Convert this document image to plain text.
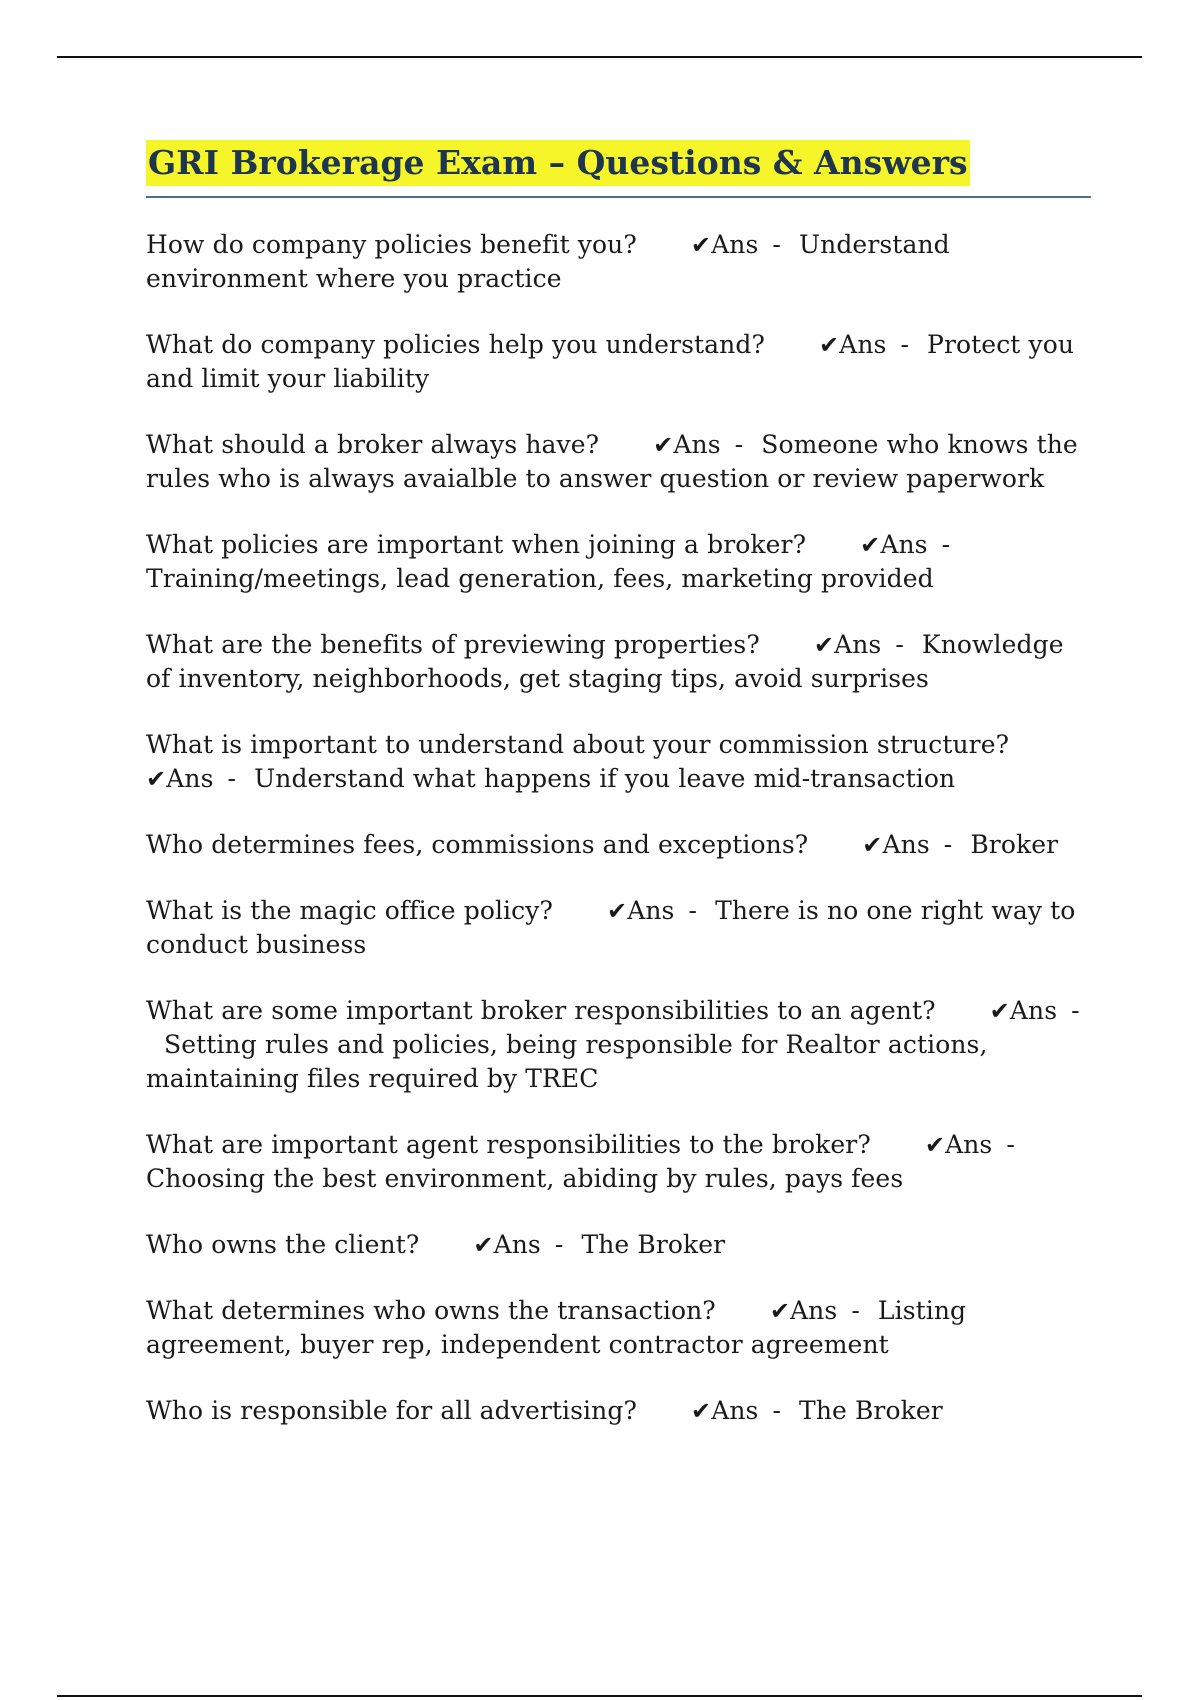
GRI Brokerage Exam – Questions & Answers

How do company policies benefit you? ✔Ans - Understand environment where you practice

What do company policies help you understand? ✔Ans - Protect you and limit your liability

What should a broker always have? ✔Ans - Someone who knows the rules who is always avaialble to answer question or review paperwork

What policies are important when joining a broker? ✔Ans -Training/meetings, lead generation, fees, marketing provided

What are the benefits of previewing properties? ✔Ans - Knowledge of inventory, neighborhoods, get staging tips, avoid surprises

What is important to understand about your commission structure?✔Ans - Understand what happens if you leave mid-transaction

Who determines fees, commissions and exceptions? ✔Ans - Broker

What is the magic office policy? ✔Ans - There is no one right way to conduct business

What are some important broker responsibilities to an agent? ✔Ans -Setting rules and policies, being responsible for Realtor actions, maintaining files required by TREC

What are important agent responsibilities to the broker? ✔Ans -Choosing the best environment, abiding by rules, pays fees

Who owns the client? ✔Ans - The Broker

What determines who owns the transaction? ✔Ans - Listing agreement, buyer rep, independent contractor agreement

Who is responsible for all advertising? ✔Ans - The Broker
